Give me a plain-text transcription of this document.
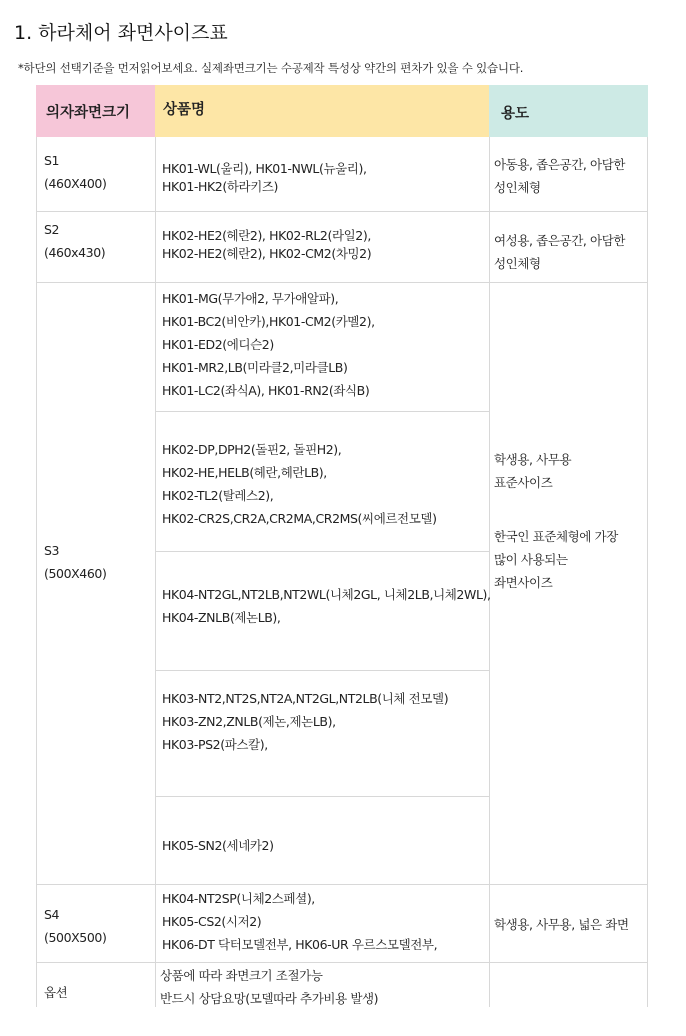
1. 하라체어 좌면사이즈표
*하단의 선택기준을 먼저읽어보세요. 실제좌면크기는 수공제작 특성상 약간의 편차가 있을 수 있습니다.
의자좌면크기	상품명	용도
S1
(460X400)
HK01-WL(울리), HK01-NWL(뉴울리),
HK01-HK2(하라키즈)
아동용, 좁은공간, 아담한
성인체형
S2
(460x430)
HK02-HE2(헤란2), HK02-RL2(라일2),
HK02-HE2(헤란2), HK02-CM2(차밍2)
여성용, 좁은공간, 아담한
성인체형
S3
(500X460)
HK01-MG(무가애2, 무가애알파),
HK01-BC2(비안카),HK01-CM2(카멜2),
HK01-ED2(에디슨2)
HK01-MR2,LB(미라클2,미라클LB)
HK01-LC2(좌식A), HK01-RN2(좌식B)
HK02-DP,DPH2(돌핀2, 돌핀H2),
HK02-HE,HELB(헤란,헤란LB),
HK02-TL2(탈레스2),
HK02-CR2S,CR2A,CR2MA,CR2MS(씨에르전모델)
HK04-NT2GL,NT2LB,NT2WL(니체2GL, 니체2LB,니체2WL),
HK04-ZNLB(제논LB),
HK03-NT2,NT2S,NT2A,NT2GL,NT2LB(니체 전모델)
HK03-ZN2,ZNLB(제논,제논LB),
HK03-PS2(파스칼),
HK05-SN2(세네카2)
학생용, 사무용
표준사이즈
한국인 표준체형에 가장
많이 사용되는
좌면사이즈
S4
(500X500)
HK04-NT2SP(니체2스페셜),
HK05-CS2(시저2)
HK06-DT 닥터모델전부, HK06-UR 우르스모델전부,
학생용, 사무용, 넓은 좌면
옵션
상품에 따라 좌면크기 조절가능
반드시 상담요망(모델따라 추가비용 발생)
